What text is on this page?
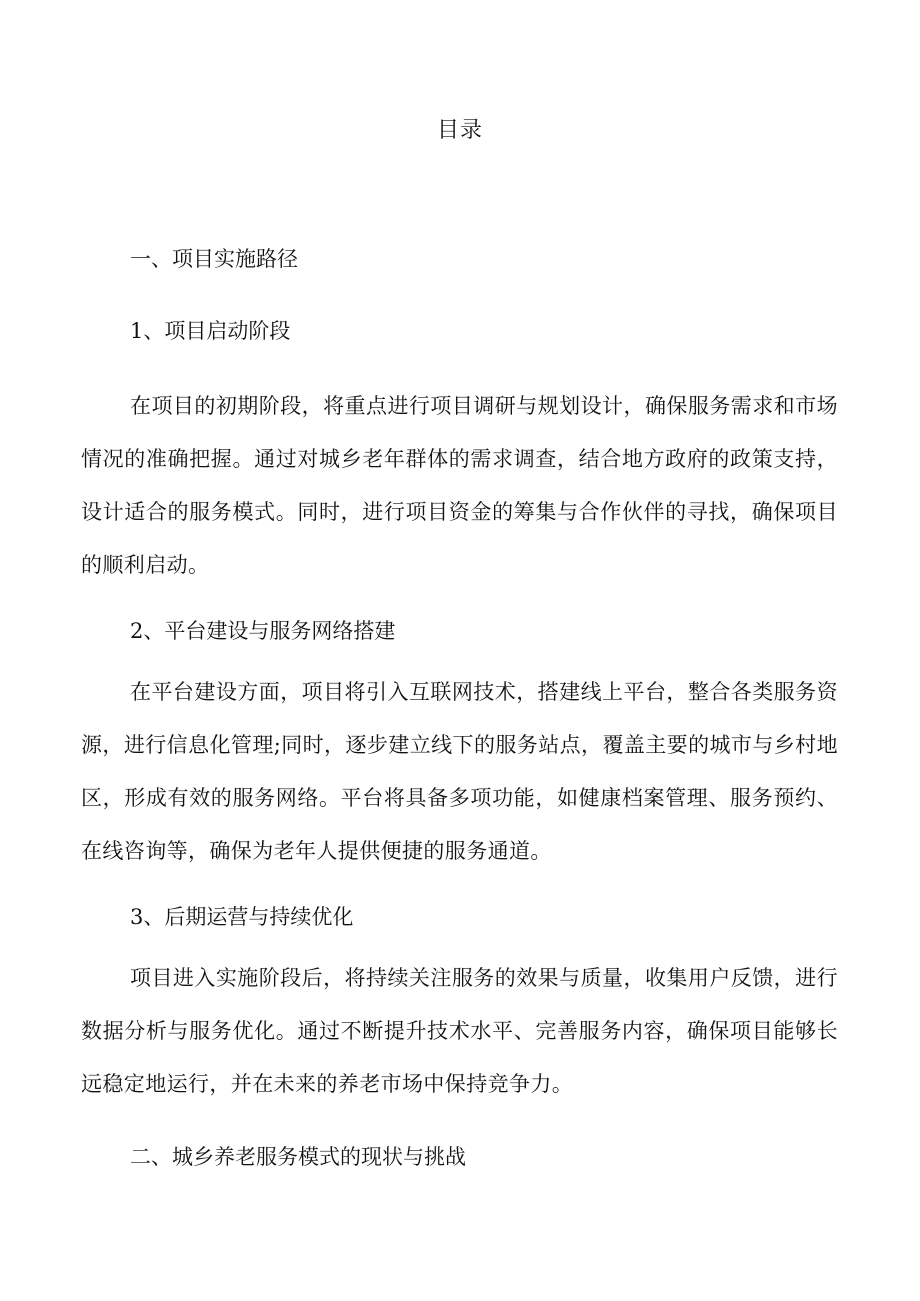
目录
一、项目实施路径
1、项目启动阶段

在项目的初期阶段，将重点进行项目调研与规划设计，确保服务需求和市场情况的准确把握。通过对城乡老年群体的需求调查，结合地方政府的政策支持，设计适合的服务模式。同时，进行项目资金的筹集与合作伙伴的寻找，确保项目的顺利启动。

2、平台建设与服务网络搭建

在平台建设方面，项目将引入互联网技术，搭建线上平台，整合各类服务资源，进行信息化管理;同时，逐步建立线下的服务站点，覆盖主要的城市与乡村地区，形成有效的服务网络。平台将具备多项功能，如健康档案管理、服务预约、在线咨询等，确保为老年人提供便捷的服务通道。

3、后期运营与持续优化

项目进入实施阶段后，将持续关注服务的效果与质量，收集用户反馈，进行数据分析与服务优化。通过不断提升技术水平、完善服务内容，确保项目能够长远稳定地运行，并在未来的养老市场中保持竞争力。

二、城乡养老服务模式的现状与挑战
